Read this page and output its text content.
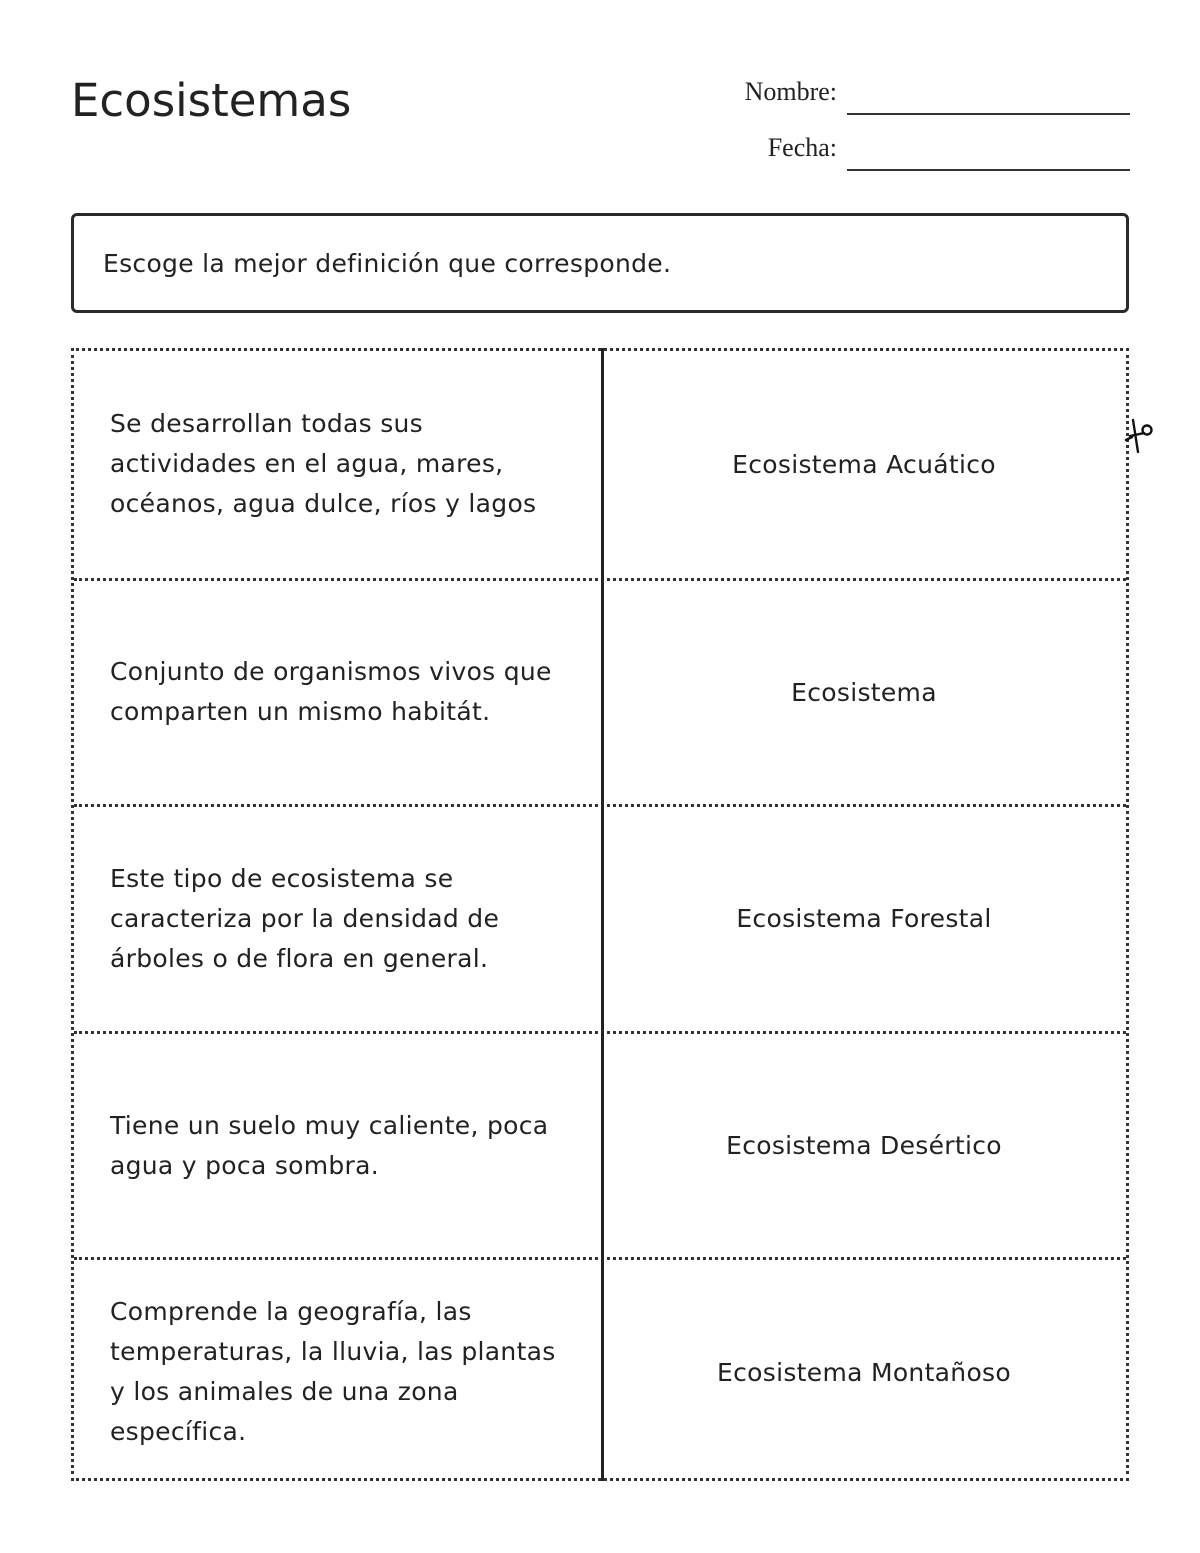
Ecosistemas	Nombre:
Fecha:
Escoge la mejor definición que corresponde.
Se desarrollan todas sus actividades en el agua, mares, océanos, agua dulce, ríos y lagos
Ecosistema Acuático
Conjunto de organismos vivos que comparten un mismo habitát.
Ecosistema
Este tipo de ecosistema se caracteriza por la densidad de árboles o de flora en general.
Ecosistema Forestal
Tiene un suelo muy caliente, poca agua y poca sombra.
Ecosistema Desértico
Comprende la geografía, las temperaturas, la lluvia, las plantas y los animales de una zona específica.
Ecosistema Montañoso
